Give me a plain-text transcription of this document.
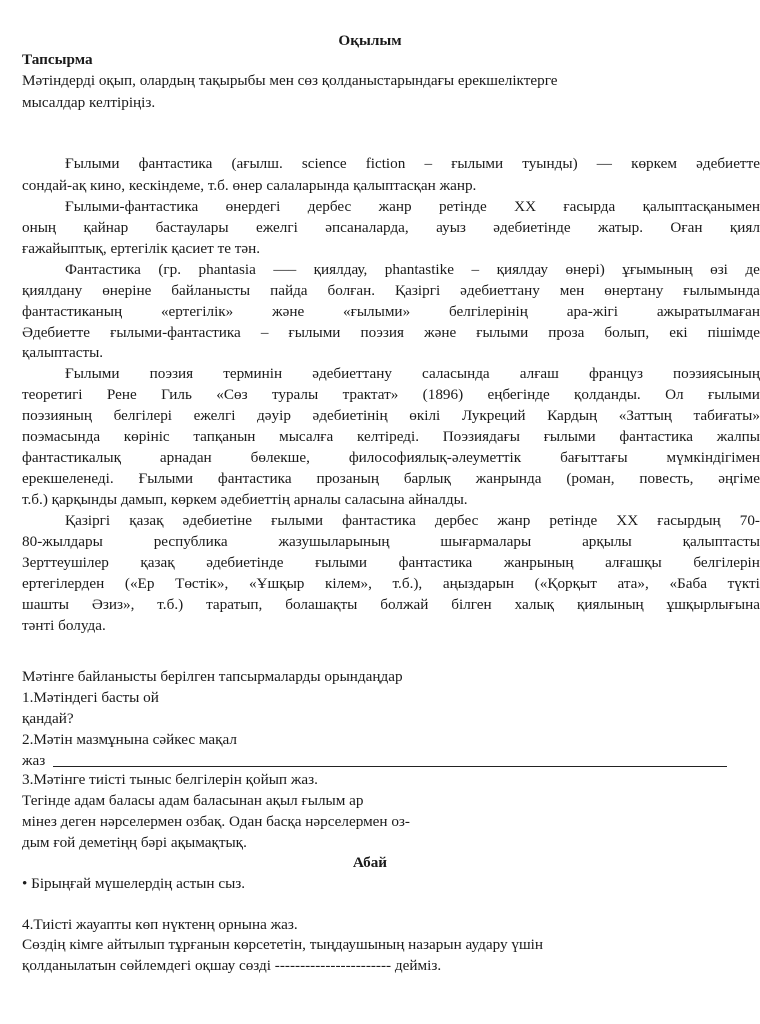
Оқылым
Тапсырма
Мәтіндерді оқып, олардың тақырыбы мен сөз қолданыстарындағы ерекшеліктерге
мысалдар келтіріңіз.
Ғылыми фантастика (ағылш. science fiction – ғылыми туынды) — көркем әдебиетте
сондай-ақ кино, кескіндеме, т.б. өнер салаларында қалыптасқан жанр.
Ғылыми-фантастика өнердегі дербес жанр ретінде ХХ ғасырда қалыптасқанымен
оның қайнар бастаулары ежелгі әпсаналарда, ауыз әдебиетінде жатыр. Оған қиял
ғажайыптық, ертегілік қасиет те тән.
Фантастика (гр. phantasia —– қиялдау, phantastike – қиялдау өнері) ұғымының өзі де
қиялдану өнеріне байланысты пайда болған. Қазіргі әдебиеттану мен өнертану ғылымында
фантастиканың	«ертегілік»	және	«ғылыми»	белгілерінің	ара-жігі	ажыратылмаған
Әдебиетте ғылыми-фантастика – ғылыми поэзия және ғылыми проза болып, екі пішімде
қалыптасты.
Ғылыми поэзия терминін әдебиеттану саласында алғаш француз поэзиясының
теоретигі Рене Гиль «Сөз туралы трактат» (1896) еңбегінде қолданды. Ол ғылыми
поэзияның белгілері ежелгі дәуір әдебиетінің өкілі Лукреций Кардың «Заттың табиғаты»
поэмасында көрініс тапқанын мысалға келтіреді. Поэзиядағы ғылыми фантастика жалпы
фантастикалық	арнадан	бөлекше,	философиялық-әлеуметтік	бағыттағы	мүмкіндігімен
ерекшеленеді. Ғылыми фантастика прозаның барлық жанрында (роман, повесть, әңгіме
т.б.) қарқынды дамып, көркем әдебиеттің арналы саласына айналды.
Қазіргі қазақ әдебиетіне ғылыми фантастика дербес жанр ретінде ХХ ғасырдың 70-
80-жылдары	республика	жазушыларының	шығармалары	арқылы	қалыптасты
Зерттеушілер қазақ әдебиетінде ғылыми фантастика жанрының алғашқы белгілерін
ертегілерден («Ер Төстік», «Ұшқыр кілем», т.б.), аңыздарын («Қорқыт ата», «Баба түкті
шашты Әзиз», т.б.) таратып, болашақты болжай білген халық қиялының ұшқырлығына
тәнті болуда.
Мәтінге байланысты берілген тапсырмаларды орындаңдар
1.Мәтіндегі басты ой
қандай?
2.Мәтін мазмұнына сәйкес мақал
жаз
3.Мәтінге тиісті тыныс белгілерін қойып жаз.
Тегінде адам баласы адам баласынан ақыл ғылым ар
мінез деген нәрселермен озбақ. Одан басқа нәрселермен оз-
дым ғой деметіңң бәрі ақымақтық.
Абай
• Бірыңғай мүшелердің астын сыз.
4.Тиісті жауапты көп нүктенң орнына жаз.
Сөздің кімге айтылып тұрғанын көрсететін, тыңдаушының назарын аудару үшін
қолданылатын сөйлемдегі оқшау сөзді ----------------------- дейміз.
